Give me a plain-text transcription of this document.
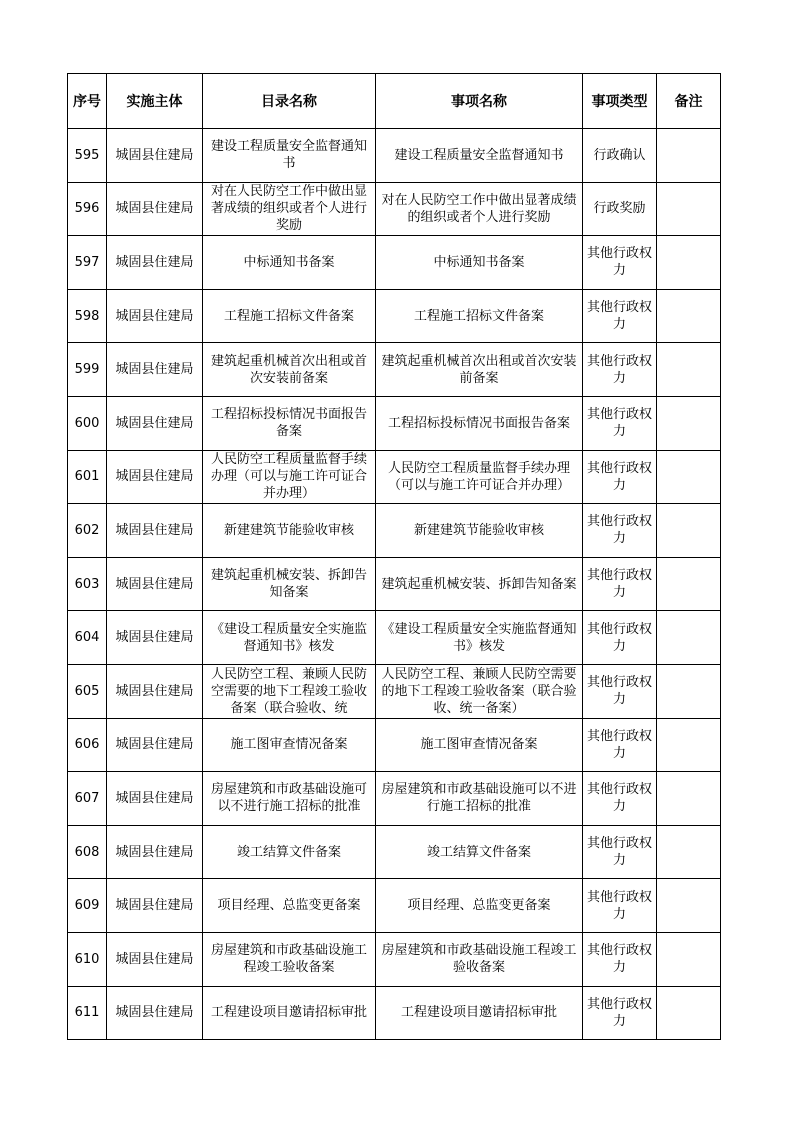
序号	实施主体	目录名称	事项名称	事项类型	备注

595	城固县住建局	建设工程质量安全监督通知书	建设工程质量安全监督通知书	行政确认	

596	城固县住建局	对在人民防空工作中做出显著成绩的组织或者个人进行奖励	对在人民防空工作中做出显著成绩的组织或者个人进行奖励	行政奖励	

597	城固县住建局	中标通知书备案	中标通知书备案	其他行政权力	

598	城固县住建局	工程施工招标文件备案	工程施工招标文件备案	其他行政权力	

599	城固县住建局	建筑起重机械首次出租或首次安装前备案	建筑起重机械首次出租或首次安装前备案	其他行政权力	

600	城固县住建局	工程招标投标情况书面报告备案	工程招标投标情况书面报告备案	其他行政权力	

601	城固县住建局	人民防空工程质量监督手续办理（可以与施工许可证合并办理）	人民防空工程质量监督手续办理（可以与施工许可证合并办理）	其他行政权力	

602	城固县住建局	新建建筑节能验收审核	新建建筑节能验收审核	其他行政权力	

603	城固县住建局	建筑起重机械安装、拆卸告知备案	建筑起重机械安装、拆卸告知备案	其他行政权力	

604	城固县住建局	《建设工程质量安全实施监督通知书》核发	《建设工程质量安全实施监督通知书》核发	其他行政权力	

605	城固县住建局	人民防空工程、兼顾人民防空需要的地下工程竣工验收备案（联合验收、统	人民防空工程、兼顾人民防空需要的地下工程竣工验收备案（联合验收、统一备案）	其他行政权力	

606	城固县住建局	施工图审查情况备案	施工图审查情况备案	其他行政权力	

607	城固县住建局	房屋建筑和市政基础设施可以不进行施工招标的批准	房屋建筑和市政基础设施可以不进行施工招标的批准	其他行政权力	

608	城固县住建局	竣工结算文件备案	竣工结算文件备案	其他行政权力	

609	城固县住建局	项目经理、总监变更备案	项目经理、总监变更备案	其他行政权力	

610	城固县住建局	房屋建筑和市政基础设施工程竣工验收备案	房屋建筑和市政基础设施工程竣工验收备案	其他行政权力	

611	城固县住建局	工程建设项目邀请招标审批	工程建设项目邀请招标审批	其他行政权力	
